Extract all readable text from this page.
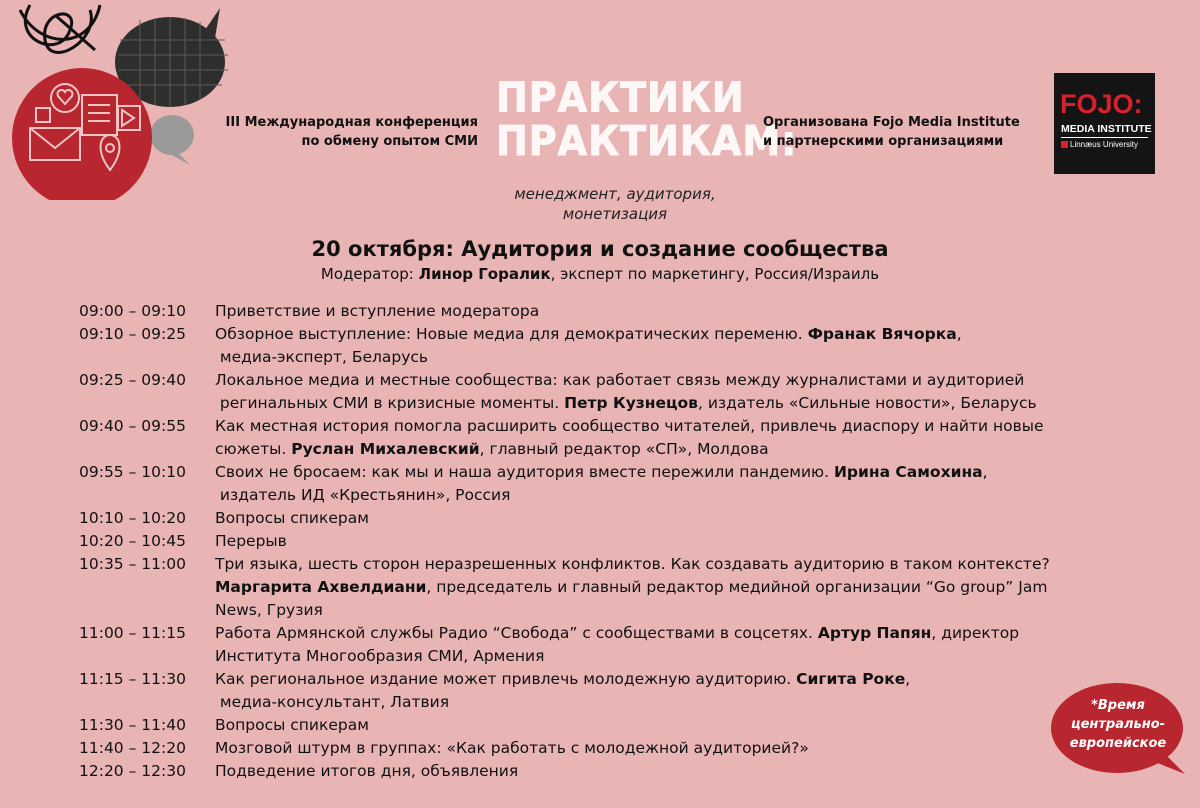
III Международная конференция
по обмену опытом СМИ
ПРАКТИКИ
ПРАКТИКАМ:
менеджмент, аудитория,
монетизация
Организована Fojo Media Institute
и партнерскими организациями
FOJO:
MEDIA INSTITUTE
Linnæus University
20 октября: Аудитория и создание сообщества
Модератор: Линор Горалик, эксперт по маркетингу, Россия/Израиль
09:00 – 09:10	Приветствие и вступление модератора
09:10 – 09:25	Обзорное выступление: Новые медиа для демократических переменю. Франак Вячорка,
медиа-эксперт, Беларусь
09:25 – 09:40	Локальное медиа и местные сообщества: как работает связь между журналистами и аудиторией
регинальных СМИ в кризисные моменты. Петр Кузнецов, издатель «Сильные новости», Беларусь
09:40 – 09:55	Как местная история помогла расширить сообщество читателей, привлечь диаспору и найти новые
сюжеты. Руслан Михалевский, главный редактор «СП», Молдова
09:55 – 10:10	Своих не бросаем: как мы и наша аудитория вместе пережили пандемию. Ирина Самохина,
издатель ИД «Крестьянин», Россия
10:10 – 10:20	Вопросы спикерам
10:20 – 10:45	Перерыв
10:35 – 11:00	Три языка, шесть сторон неразрешенных конфликтов. Как создавать аудиторию в таком контексте?
Маргарита Ахвелдиани, председатель и главный редактор медийной организации “Go group” Jam
News, Грузия
11:00 – 11:15	Работа Армянской службы Радио “Свобода” с сообществами в соцсетях. Артур Папян, директор
Института Многообразия СМИ, Армения
11:15 – 11:30	Как региональное издание может привлечь молодежную аудиторию. Сигита Роке,
медиа-консультант, Латвия
11:30 – 11:40	Вопросы спикерам
11:40 – 12:20	Мозговой штурм в группах: «Как работать с молодежной аудиторией?»
12:20 – 12:30	Подведение итогов дня, объявления
*Время
центрально-
европейское
